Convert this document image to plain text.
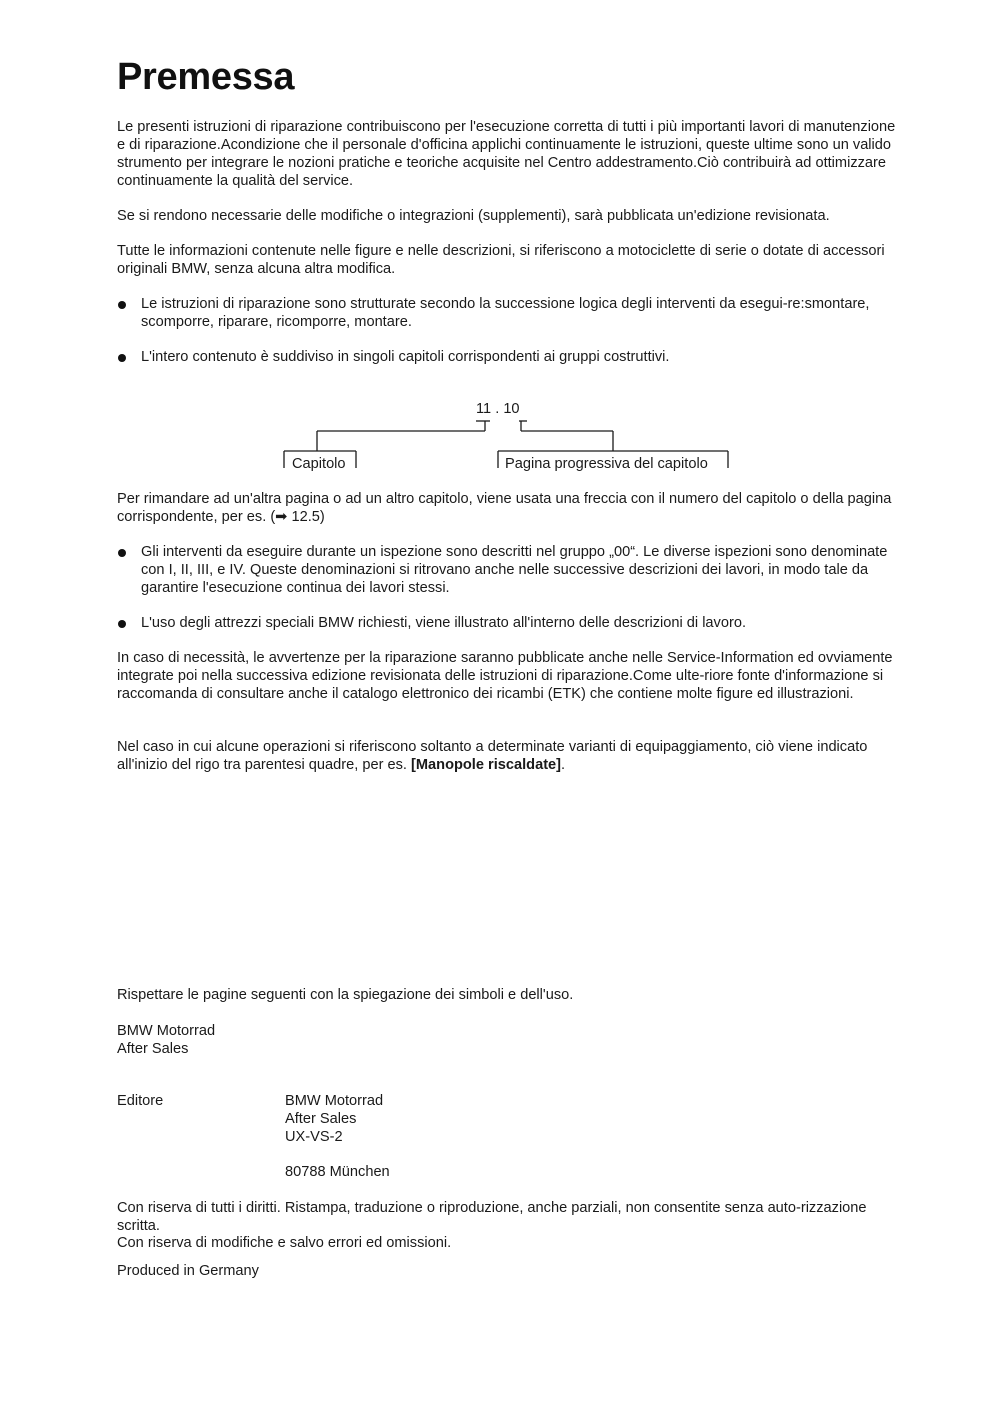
Premessa

Le presenti istruzioni di riparazione contribuiscono per l'esecuzione corretta di tutti i più importanti lavori di manutenzione e di riparazione.Acondizione che il personale d'officina applichi continuamente le istruzioni, queste ultime sono un valido strumento per integrare le nozioni pratiche e teoriche acquisite nel Centro addestramento.Ciò contribuirà ad ottimizzare continuamente la qualità del service.

Se si rendono necessarie delle modifiche o integrazioni (supplementi), sarà pubblicata un'edizione revisionata.

Tutte le informazioni contenute nelle figure e nelle descrizioni, si riferiscono a motociclette di serie o dotate di accessori originali BMW, senza alcuna altra modifica.

Le istruzioni di riparazione sono strutturate secondo la successione logica degli interventi da esegui-re:smontare, scomporre, riparare, ricomporre, montare.
L'intero contenuto è suddiviso in singoli capitoli corrispondenti ai gruppi costruttivi.
11 . 10
Capitolo	Pagina progressiva del capitolo

Per rimandare ad un'altra pagina o ad un altro capitolo, viene usata una freccia con il numero del capitolo o della pagina corrispondente, per es. (➡ 12.5)

Gli interventi da eseguire durante un ispezione sono descritti nel gruppo „00“. Le diverse ispezioni sono denominate con I, II, III, e IV. Queste denominazioni si ritrovano anche nelle successive descrizioni dei lavori, in modo tale da garantire l'esecuzione continua dei lavori stessi.
L'uso degli attrezzi speciali BMW richiesti, viene illustrato all'interno delle descrizioni di lavoro.

In caso di necessità, le avvertenze per la riparazione saranno pubblicate anche nelle Service-Information ed ovviamente integrate poi nella successiva edizione revisionata delle istruzioni di riparazione.Come ulte-riore fonte d'informazione si raccomanda di consultare anche il catalogo elettronico dei ricambi (ETK) che contiene molte figure ed illustrazioni.

Nel caso in cui alcune operazioni si riferiscono soltanto a determinate varianti di equipaggiamento, ciò viene indicato all'inizio del rigo tra parentesi quadre, per es. [Manopole riscaldate].

Rispettare le pagine seguenti con la spiegazione dei simboli e dell'uso.

BMW Motorrad
After Sales
Editore	BMW Motorrad
After Sales
UX-VS-2
80788 München

Con riserva di tutti i diritti. Ristampa, traduzione o riproduzione, anche parziali, non consentite senza auto-rizzazione scritta.

Con riserva di modifiche e salvo errori ed omissioni.

Produced in Germany
